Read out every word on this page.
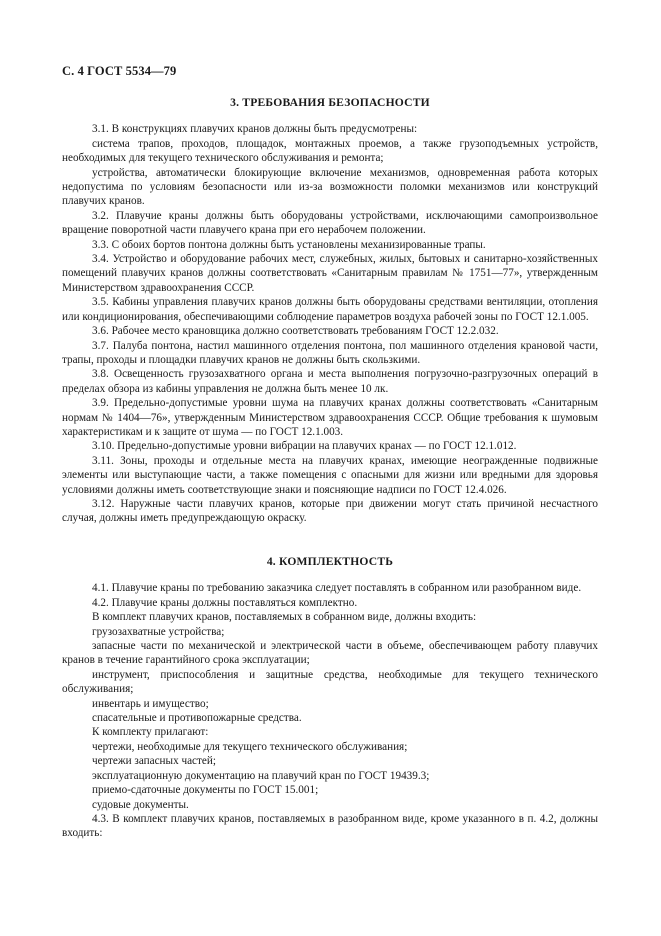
С. 4 ГОСТ 5534—79
3. ТРЕБОВАНИЯ БЕЗОПАСНОСТИ

3.1. В конструкциях плавучих кранов должны быть предусмотрены:

система трапов, проходов, площадок, монтажных проемов, а также грузоподъемных устройств, необходимых для текущего технического обслуживания и ремонта;

устройства, автоматически блокирующие включение механизмов, одновременная работа которых недопустима по условиям безопасности или из-за возможности поломки механизмов или конструкций плавучих кранов.

3.2. Плавучие краны должны быть оборудованы устройствами, исключающими самопроизвольное вращение поворотной части плавучего крана при его нерабочем положении.

3.3. С обоих бортов понтона должны быть установлены механизированные трапы.

3.4. Устройство и оборудование рабочих мест, служебных, жилых, бытовых и санитарно-хозяйственных помещений плавучих кранов должны соответствовать «Санитарным правилам № 1751—77», утвержденным Министерством здравоохранения СССР.

3.5. Кабины управления плавучих кранов должны быть оборудованы средствами вентиляции, отопления или кондиционирования, обеспечивающими соблюдение параметров воздуха рабочей зоны по ГОСТ 12.1.005.

3.6. Рабочее место крановщика должно соответствовать требованиям ГОСТ 12.2.032.

3.7. Палуба понтона, настил машинного отделения понтона, пол машинного отделения крановой части, трапы, проходы и площадки плавучих кранов не должны быть скользкими.

3.8. Освещенность грузозахватного органа и места выполнения погрузочно-разгрузочных операций в пределах обзора из кабины управления не должна быть менее 10 лк.

3.9. Предельно-допустимые уровни шума на плавучих кранах должны соответствовать «Санитарным нормам № 1404—76», утвержденным Министерством здравоохранения СССР. Общие требования к шумовым характеристикам и к защите от шума — по ГОСТ 12.1.003.

3.10. Предельно-допустимые уровни вибрации на плавучих кранах — по ГОСТ 12.1.012.

3.11. Зоны, проходы и отдельные места на плавучих кранах, имеющие неогражденные подвижные элементы или выступающие части, а также помещения с опасными для жизни или вредными для здоровья условиями должны иметь соответствующие знаки и поясняющие надписи по ГОСТ 12.4.026.

3.12. Наружные части плавучих кранов, которые при движении могут стать причиной несчастного случая, должны иметь предупреждающую окраску.

4. КОМПЛЕКТНОСТЬ

4.1. Плавучие краны по требованию заказчика следует поставлять в собранном или разобранном виде.

4.2. Плавучие краны должны поставляться комплектно.

В комплект плавучих кранов, поставляемых в собранном виде, должны входить:

грузозахватные устройства;

запасные части по механической и электрической части в объеме, обеспечивающем работу плавучих кранов в течение гарантийного срока эксплуатации;

инструмент, приспособления и защитные средства, необходимые для текущего технического обслуживания;

инвентарь и имущество;

спасательные и противопожарные средства.

К комплекту прилагают:

чертежи, необходимые для текущего технического обслуживания;

чертежи запасных частей;

эксплуатационную документацию на плавучий кран по ГОСТ 19439.3;

приемо-сдаточные документы по ГОСТ 15.001;

судовые документы.

4.3. В комплект плавучих кранов, поставляемых в разобранном виде, кроме указанного в п. 4.2, должны входить:
